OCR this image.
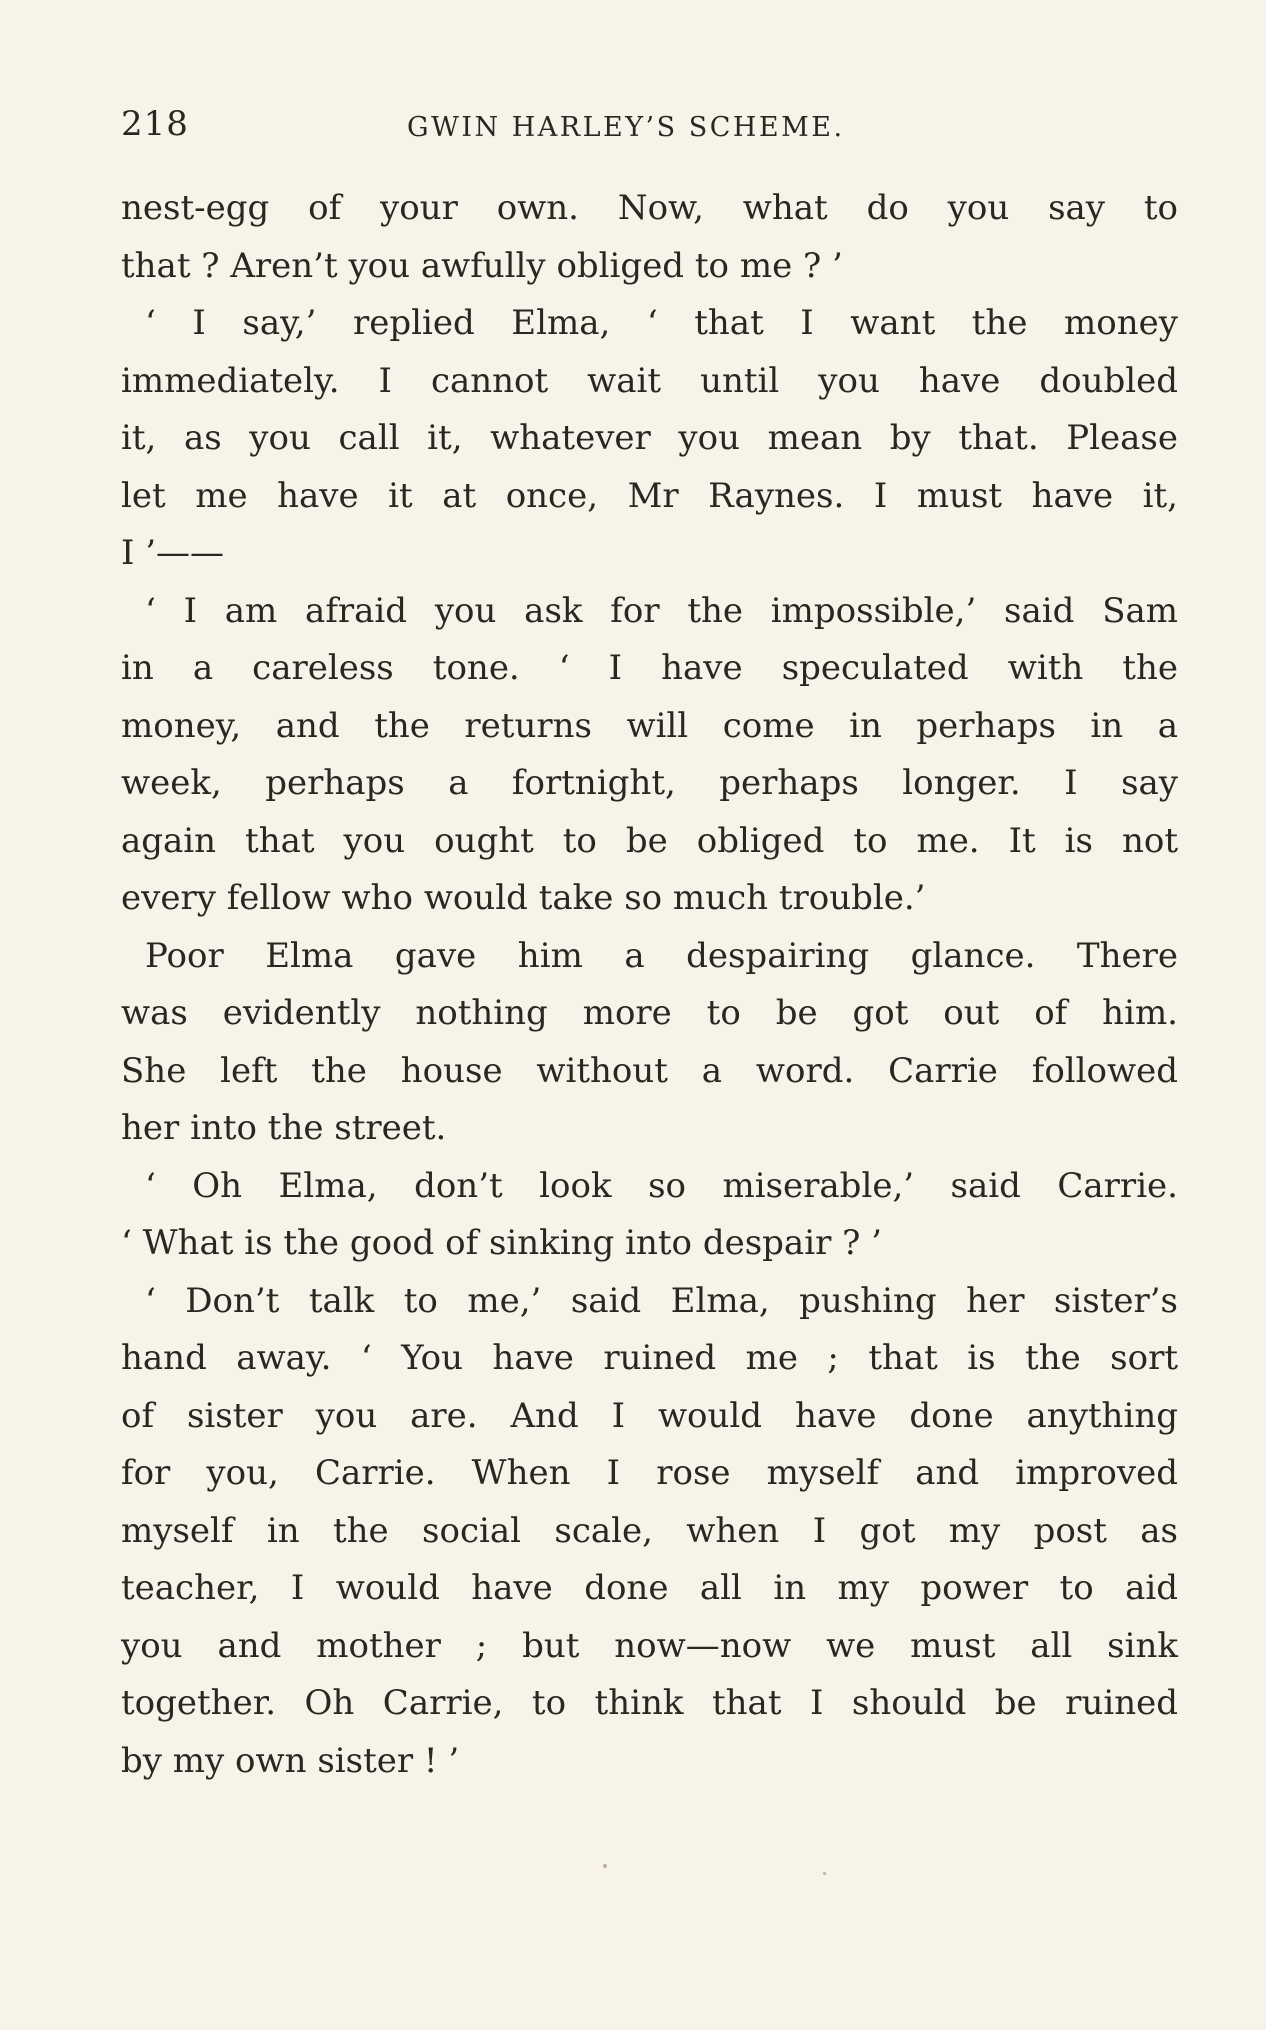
218	GWIN HARLEY’S SCHEME.
nest-egg of your own. Now, what do you say to
that ? Aren’t you awfully obliged to me ? ’
‘ I say,’ replied Elma, ‘ that I want the money
immediately. I cannot wait until you have doubled
it, as you call it, whatever you mean by that. Please
let me have it at once, Mr Raynes. I must have it,
I ’——
‘ I am afraid you ask for the impossible,’ said Sam
in a careless tone. ‘ I have speculated with the
money, and the returns will come in perhaps in a
week, perhaps a fortnight, perhaps longer. I say
again that you ought to be obliged to me. It is not
every fellow who would take so much trouble.’
Poor Elma gave him a despairing glance. There
was evidently nothing more to be got out of him.
She left the house without a word. Carrie followed
her into the street.
‘ Oh Elma, don’t look so miserable,’ said Carrie.
‘ What is the good of sinking into despair ? ’
‘ Don’t talk to me,’ said Elma, pushing her sister’s
hand away. ‘ You have ruined me ; that is the sort
of sister you are. And I would have done anything
for you, Carrie. When I rose myself and improved
myself in the social scale, when I got my post as
teacher, I would have done all in my power to aid
you and mother ; but now—now we must all sink
together. Oh Carrie, to think that I should be ruined
by my own sister ! ’
